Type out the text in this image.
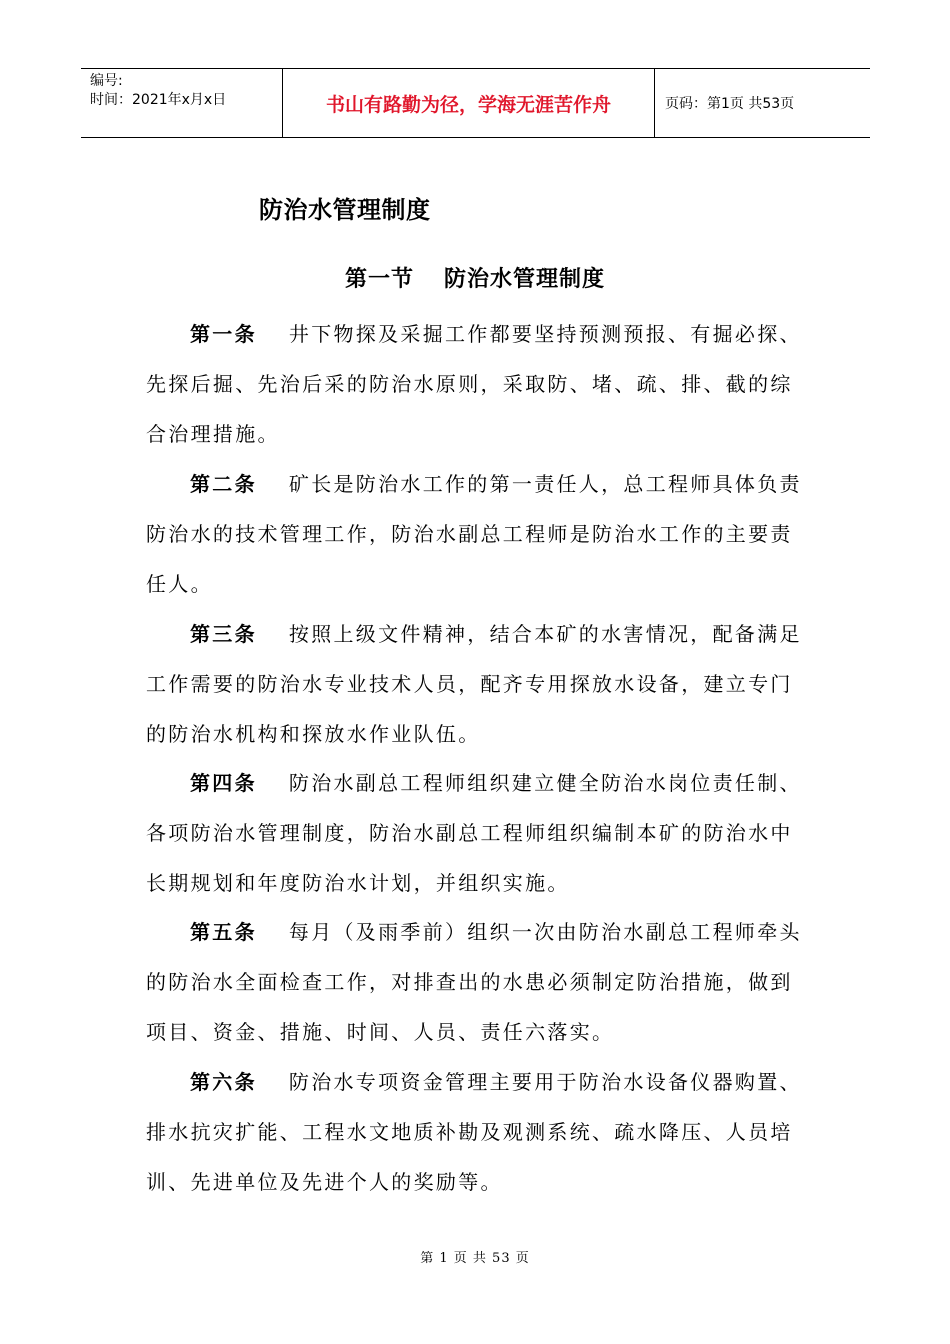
编号:
时间：2021年x月x日	书山有路勤为径，学海无涯苦作舟	页码：第1页 共53页
防治水管理制度
第一节 防治水管理制度
第一条 井下物探及采掘工作都要坚持预测预报、有掘必探、先探后掘、先治后采的防治水原则，采取防、堵、疏、排、截的综合治理措施。
第二条 矿长是防治水工作的第一责任人，总工程师具体负责防治水的技术管理工作，防治水副总工程师是防治水工作的主要责任人。
第三条 按照上级文件精神，结合本矿的水害情况，配备满足工作需要的防治水专业技术人员，配齐专用探放水设备，建立专门的防治水机构和探放水作业队伍。
第四条 防治水副总工程师组织建立健全防治水岗位责任制、各项防治水管理制度，防治水副总工程师组织编制本矿的防治水中长期规划和年度防治水计划，并组织实施。
第五条 每月（及雨季前）组织一次由防治水副总工程师牵头的防治水全面检查工作，对排查出的水患必须制定防治措施，做到项目、资金、措施、时间、人员、责任六落实。
第六条 防治水专项资金管理主要用于防治水设备仪器购置、排水抗灾扩能、工程水文地质补勘及观测系统、疏水降压、人员培训、先进单位及先进个人的奖励等。
第 1 页 共 53 页
